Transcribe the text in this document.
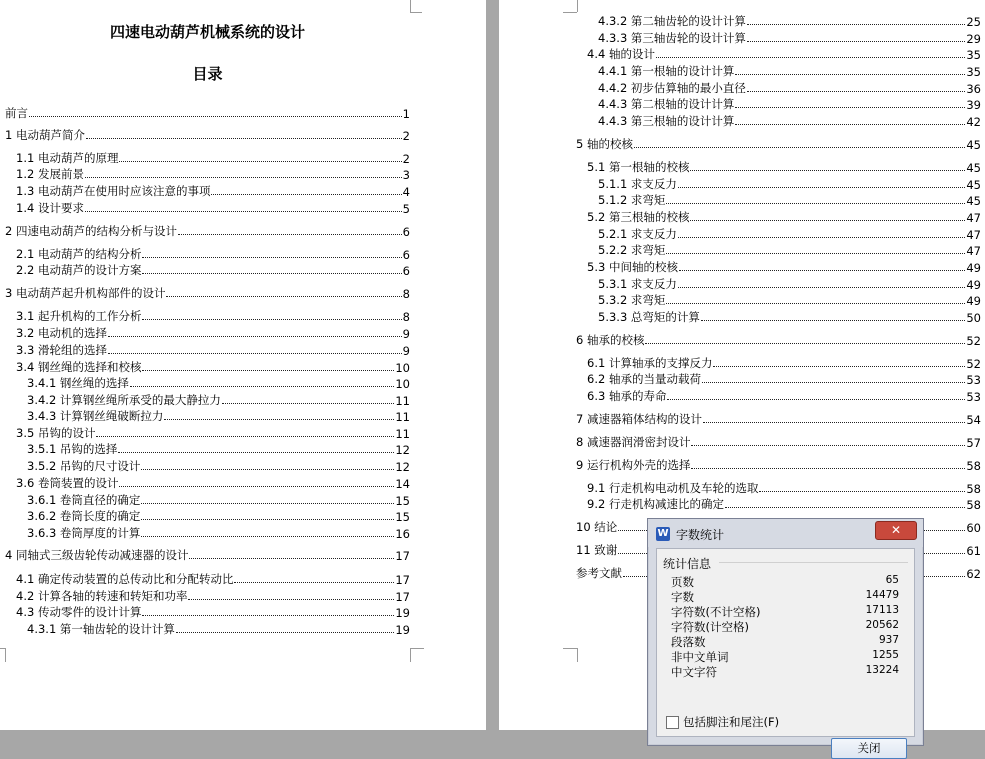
四速电动葫芦机械系统的设计
目录
前言	1
1 电动葫芦简介	2
1.1 电动葫芦的原理	2
1.2 发展前景	3
1.3 电动葫芦在使用时应该注意的事项	4
1.4 设计要求	5
2 四速电动葫芦的结构分析与设计	6
2.1 电动葫芦的结构分析	6
2.2 电动葫芦的设计方案	6
3 电动葫芦起升机构部件的设计	8
3.1 起升机构的工作分析	8
3.2 电动机的选择	9
3.3 滑轮组的选择	9
3.4 钢丝绳的选择和校核	10
3.4.1 钢丝绳的选择	10
3.4.2 计算钢丝绳所承受的最大静拉力	11
3.4.3 计算钢丝绳破断拉力	11
3.5 吊钩的设计	11
3.5.1 吊钩的选择	12
3.5.2 吊钩的尺寸设计	12
3.6 卷筒装置的设计	14
3.6.1 卷筒直径的确定	15
3.6.2 卷筒长度的确定	15
3.6.3 卷筒厚度的计算	16
4 同轴式三级齿轮传动减速器的设计	17
4.1 确定传动装置的总传动比和分配转动比	17
4.2 计算各轴的转速和转矩和功率	17
4.3 传动零件的设计计算	19
4.3.1 第一轴齿轮的设计计算	19
4.3.2 第二轴齿轮的设计计算	25
4.3.3 第三轴齿轮的设计计算	29
4.4 轴的设计	35
4.4.1 第一根轴的设计计算	35
4.4.2 初步估算轴的最小直径	36
4.4.3 第二根轴的设计计算	39
4.4.3 第三根轴的设计计算	42
5 轴的校核	45
5.1 第一根轴的校核	45
5.1.1 求支反力	45
5.1.2 求弯矩	45
5.2 第三根轴的校核	47
5.2.1 求支反力	47
5.2.2 求弯矩	47
5.3 中间轴的校核	49
5.3.1 求支反力	49
5.3.2 求弯矩	49
5.3.3 总弯矩的计算	50
6 轴承的校核	52
6.1 计算轴承的支撑反力	52
6.2 轴承的当量动载荷	53
6.3 轴承的寿命	53
7 减速器箱体结构的设计	54
8 减速器润滑密封设计	57
9 运行机构外壳的选择	58
9.1 行走机构电动机及车轮的选取	58
9.2 行走机构减速比的确定	58
10 结论	60
11 致谢	61
参考文献	62
W 字数统计	✕
统计信息
页数	65
字数	14479
字符数(不计空格)	17113
字符数(计空格)	20562
段落数	937
非中文单词	1255
中文字符	13224
包括脚注和尾注(F)
关闭
